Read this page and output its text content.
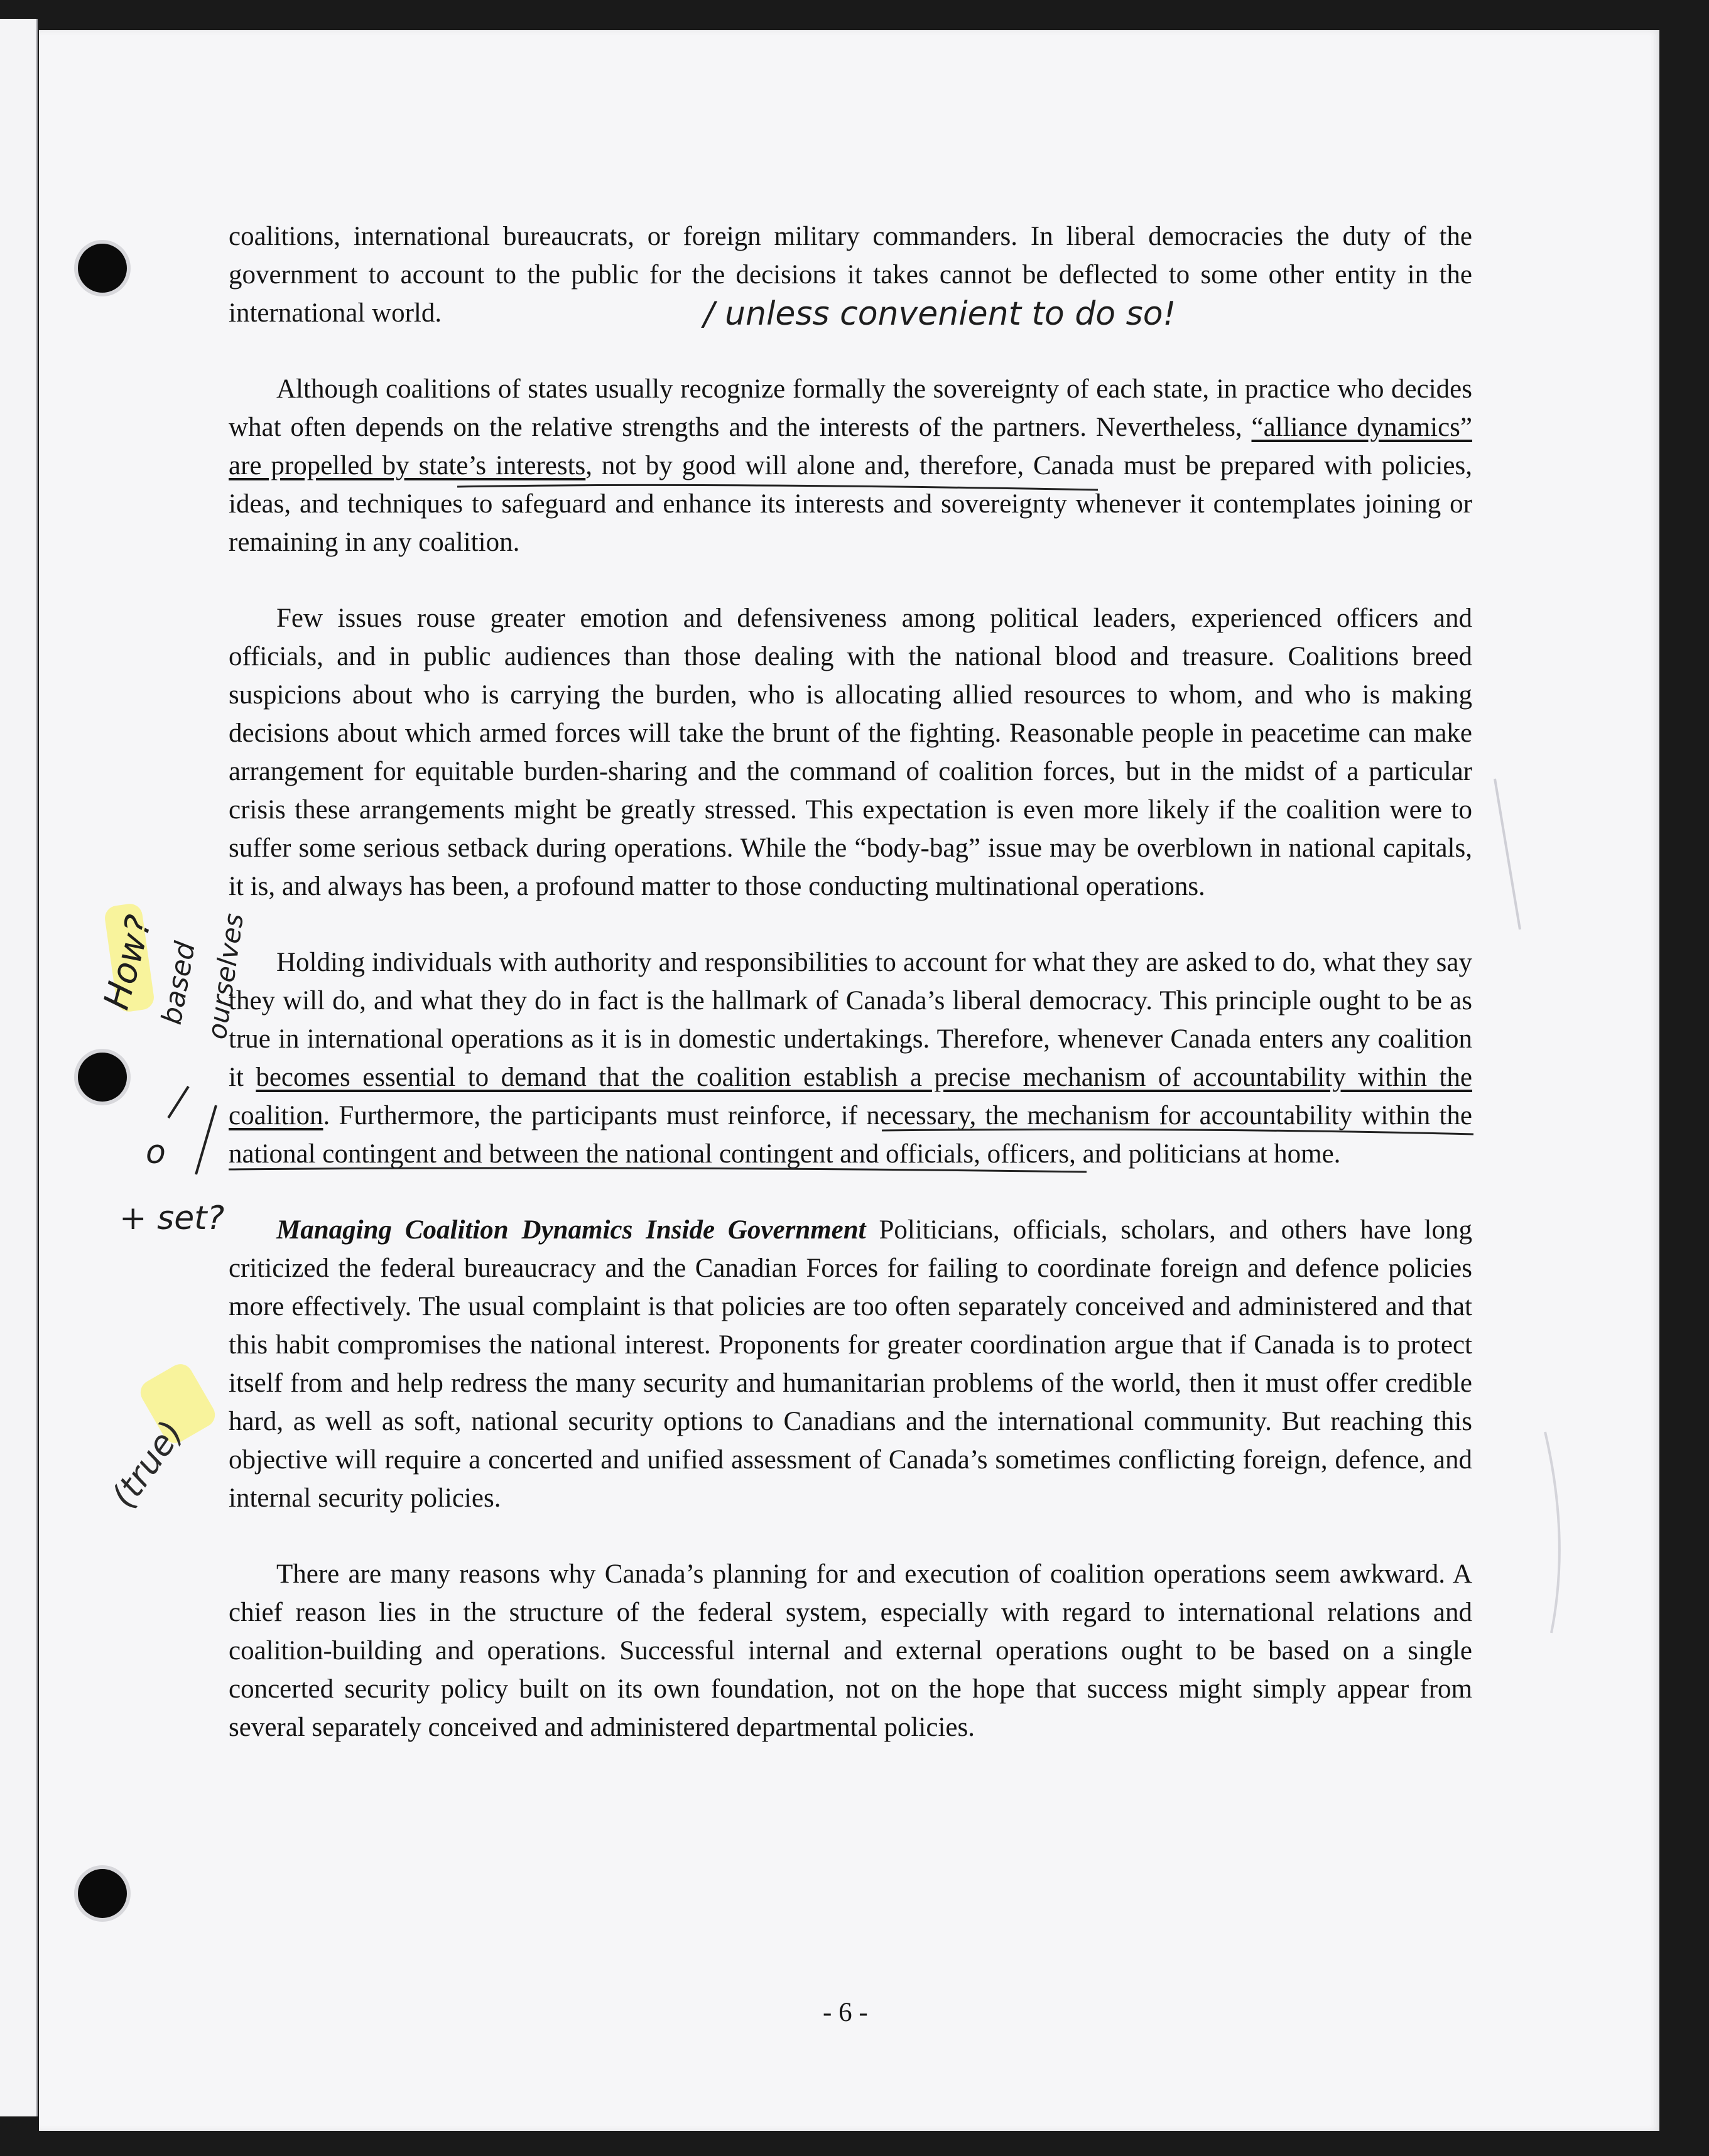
coalitions, international bureaucrats, or foreign military commanders. In liberal democracies the duty of the government to account to the public for the decisions it takes cannot be deflected to some other entity in the international world.

Although coalitions of states usually recognize formally the sovereignty of each state, in practice who decides what often depends on the relative strengths and the interests of the partners. Nevertheless, “alliance dynamics” are propelled by state’s interests, not by good will alone and, therefore, Canada must be prepared with policies, ideas, and techniques to safeguard and enhance its interests and sovereignty whenever it contemplates joining or remaining in any coalition.

Few issues rouse greater emotion and defensiveness among political leaders, experienced officers and officials, and in public audiences than those dealing with the national blood and treasure. Coalitions breed suspicions about who is carrying the burden, who is allocating allied resources to whom, and who is making decisions about which armed forces will take the brunt of the fighting. Reasonable people in peacetime can make arrangement for equitable burden-sharing and the command of coalition forces, but in the midst of a particular crisis these arrangements might be greatly stressed. This expectation is even more likely if the coalition were to suffer some serious setback during operations. While the “body-bag” issue may be overblown in national capitals, it is, and always has been, a profound matter to those conducting multinational operations.

Holding individuals with authority and responsibilities to account for what they are asked to do, what they say they will do, and what they do in fact is the hallmark of Canada’s liberal democracy. This principle ought to be as true in international operations as it is in domestic undertakings. Therefore, whenever Canada enters any coalition it becomes essential to demand that the coalition establish a precise mechanism of accountability within the coalition. Furthermore, the participants must reinforce, if necessary, the mechanism for accountability within the national contingent and between the national contingent and officials, officers, and politicians at home.

Managing Coalition Dynamics Inside Government Politicians, officials, scholars, and others have long criticized the federal bureaucracy and the Canadian Forces for failing to coordinate foreign and defence policies more effectively. The usual complaint is that policies are too often separately conceived and administered and that this habit compromises the national interest. Proponents for greater coordination argue that if Canada is to protect itself from and help redress the many security and humanitarian problems of the world, then it must offer credible hard, as well as soft, national security options to Canadians and the international community. But reaching this objective will require a concerted and unified assessment of Canada’s sometimes conflicting foreign, defence, and internal security policies.

There are many reasons why Canada’s planning for and execution of coalition operations seem awkward. A chief reason lies in the structure of the federal system, especially with regard to international relations and coalition-building and operations. Successful internal and external operations ought to be based on a single concerted security policy built on its own foundation, not on the hope that success might simply appear from several separately conceived and administered departmental policies.

- 6 -
/ unless convenient to do so!
How?
based ourselves
o
+ set?
(true)
